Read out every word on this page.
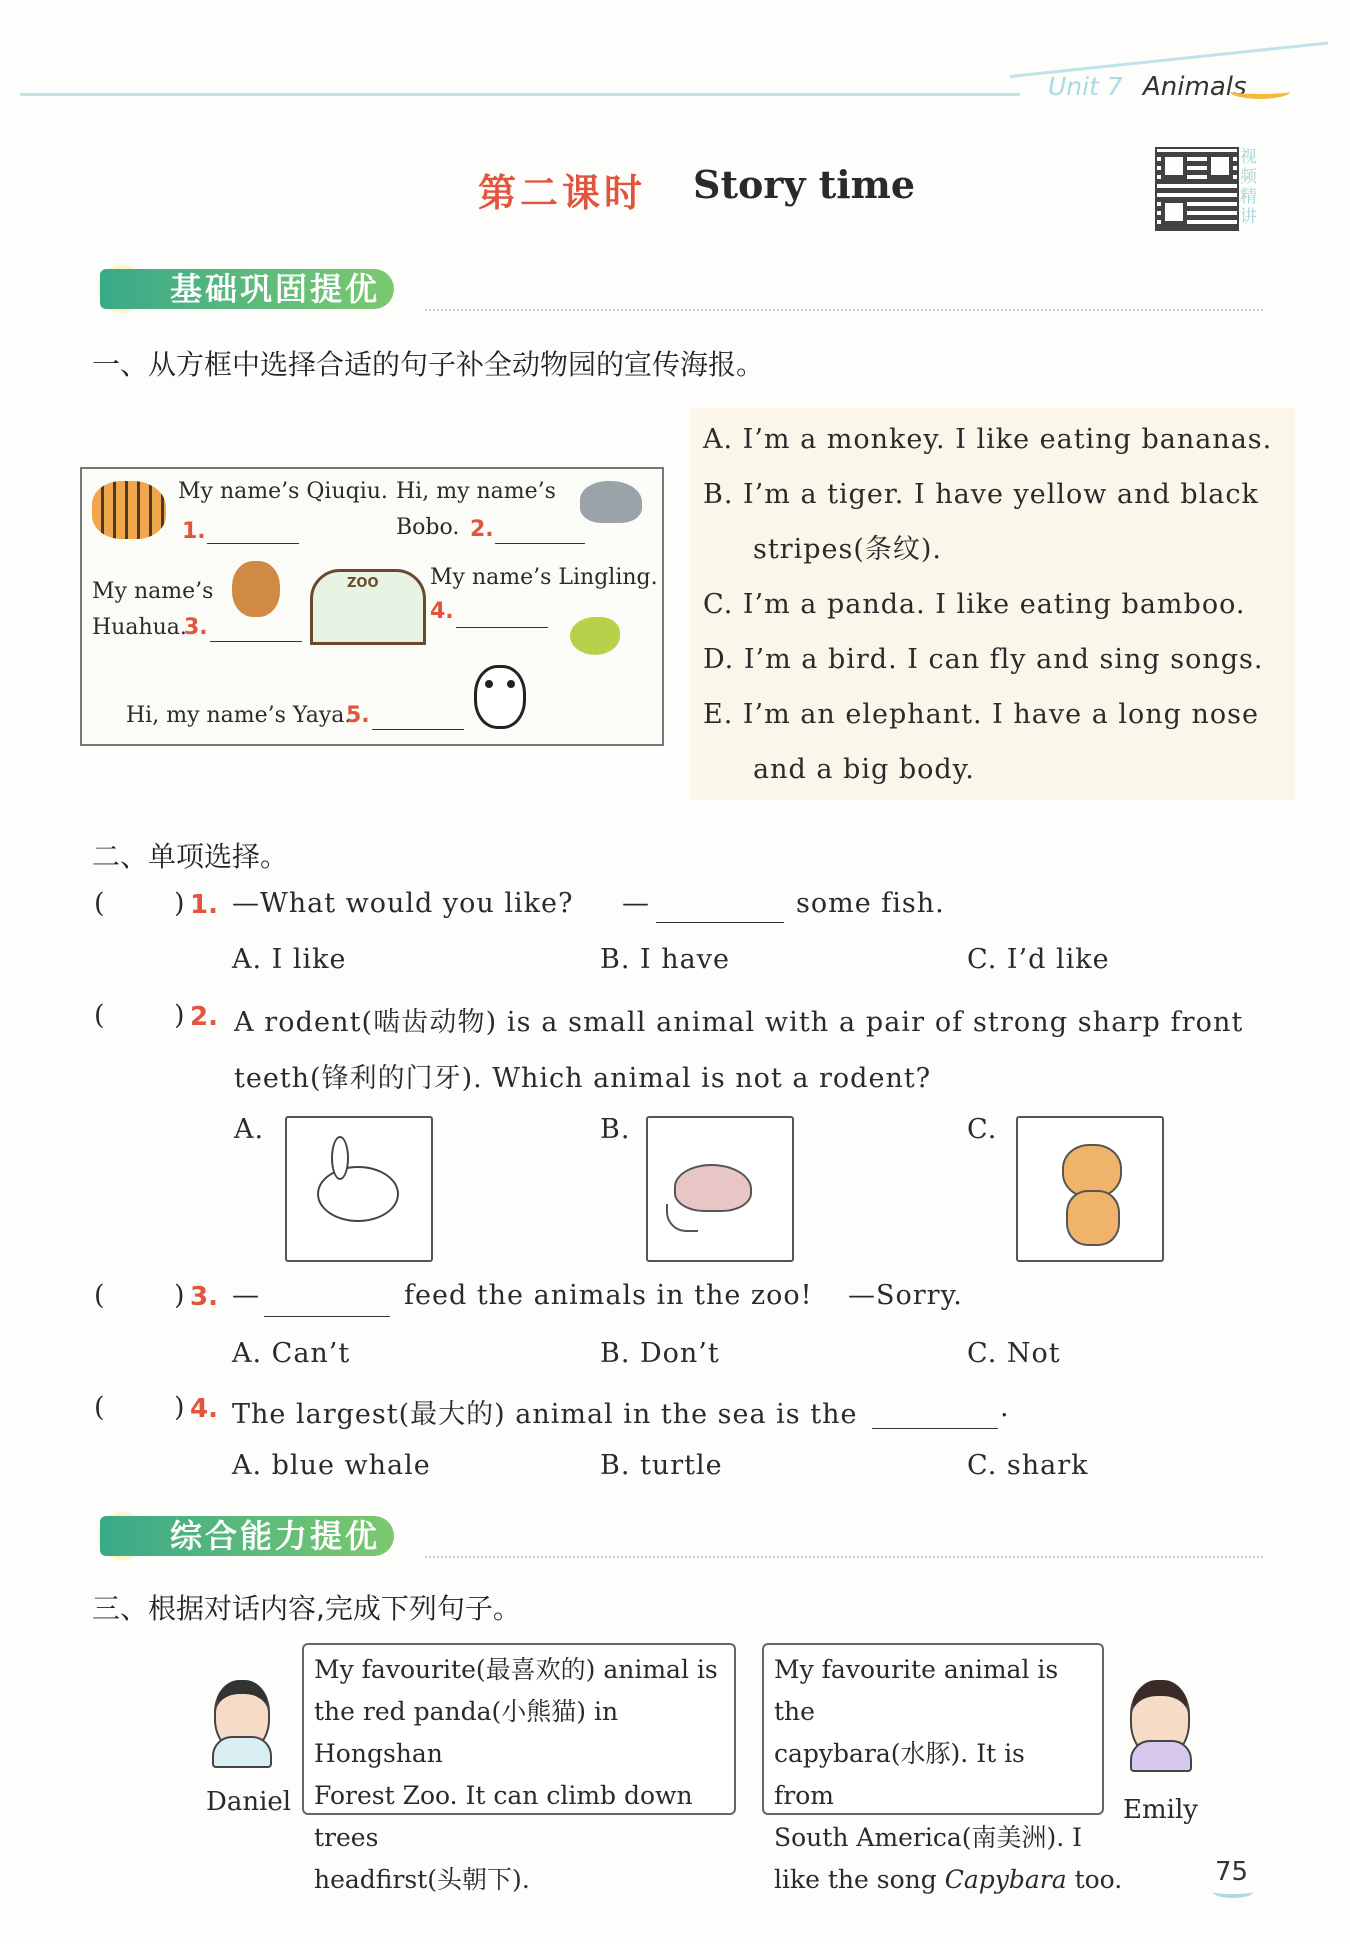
Unit 7 Animals
视频精讲
第二课时 Story time
基础巩固提优
一、从方框中选择合适的句子补全动物园的宣传海报。
My name’s Qiuqiu.
1.
Hi, my name’s
Bobo. 2.
My name’s
Huahua.
3.
ZOO My name’s Lingling.
4.
Hi, my name’s Yaya.
5.
A. I’m a monkey. I like eating bananas.
B. I’m a tiger. I have yellow and black
stripes(条纹).
C. I’m a panda. I like eating bamboo.
D. I’m a bird. I can fly and sing songs.
E. I’m an elephant. I have a long nose
and a big body.
二、单项选择。
(	) 1. —What would you like? —	some fish.
A. I like	B. I have	C. I’d like
(	) 2. A rodent(啮齿动物) is a small animal with a pair of strong sharp front
teeth(锋利的门牙). Which animal is not a rodent?
A.	B.	C.
(	) 3. —	feed the animals in the zoo! —Sorry.
A. Can’t	B. Don’t	C. Not
(	) 4. The largest(最大的) animal in the sea is the	.
A. blue whale	B. turtle	C. shark
综合能力提优
三、根据对话内容,完成下列句子。
Daniel
My favourite(最喜欢的) animal is
the red panda(小熊猫) in Hongshan
Forest Zoo. It can climb down trees
headfirst(头朝下).
My favourite animal is the
capybara(水豚). It is from
South America(南美洲). I
like the song Capybara too.
Emily
75
